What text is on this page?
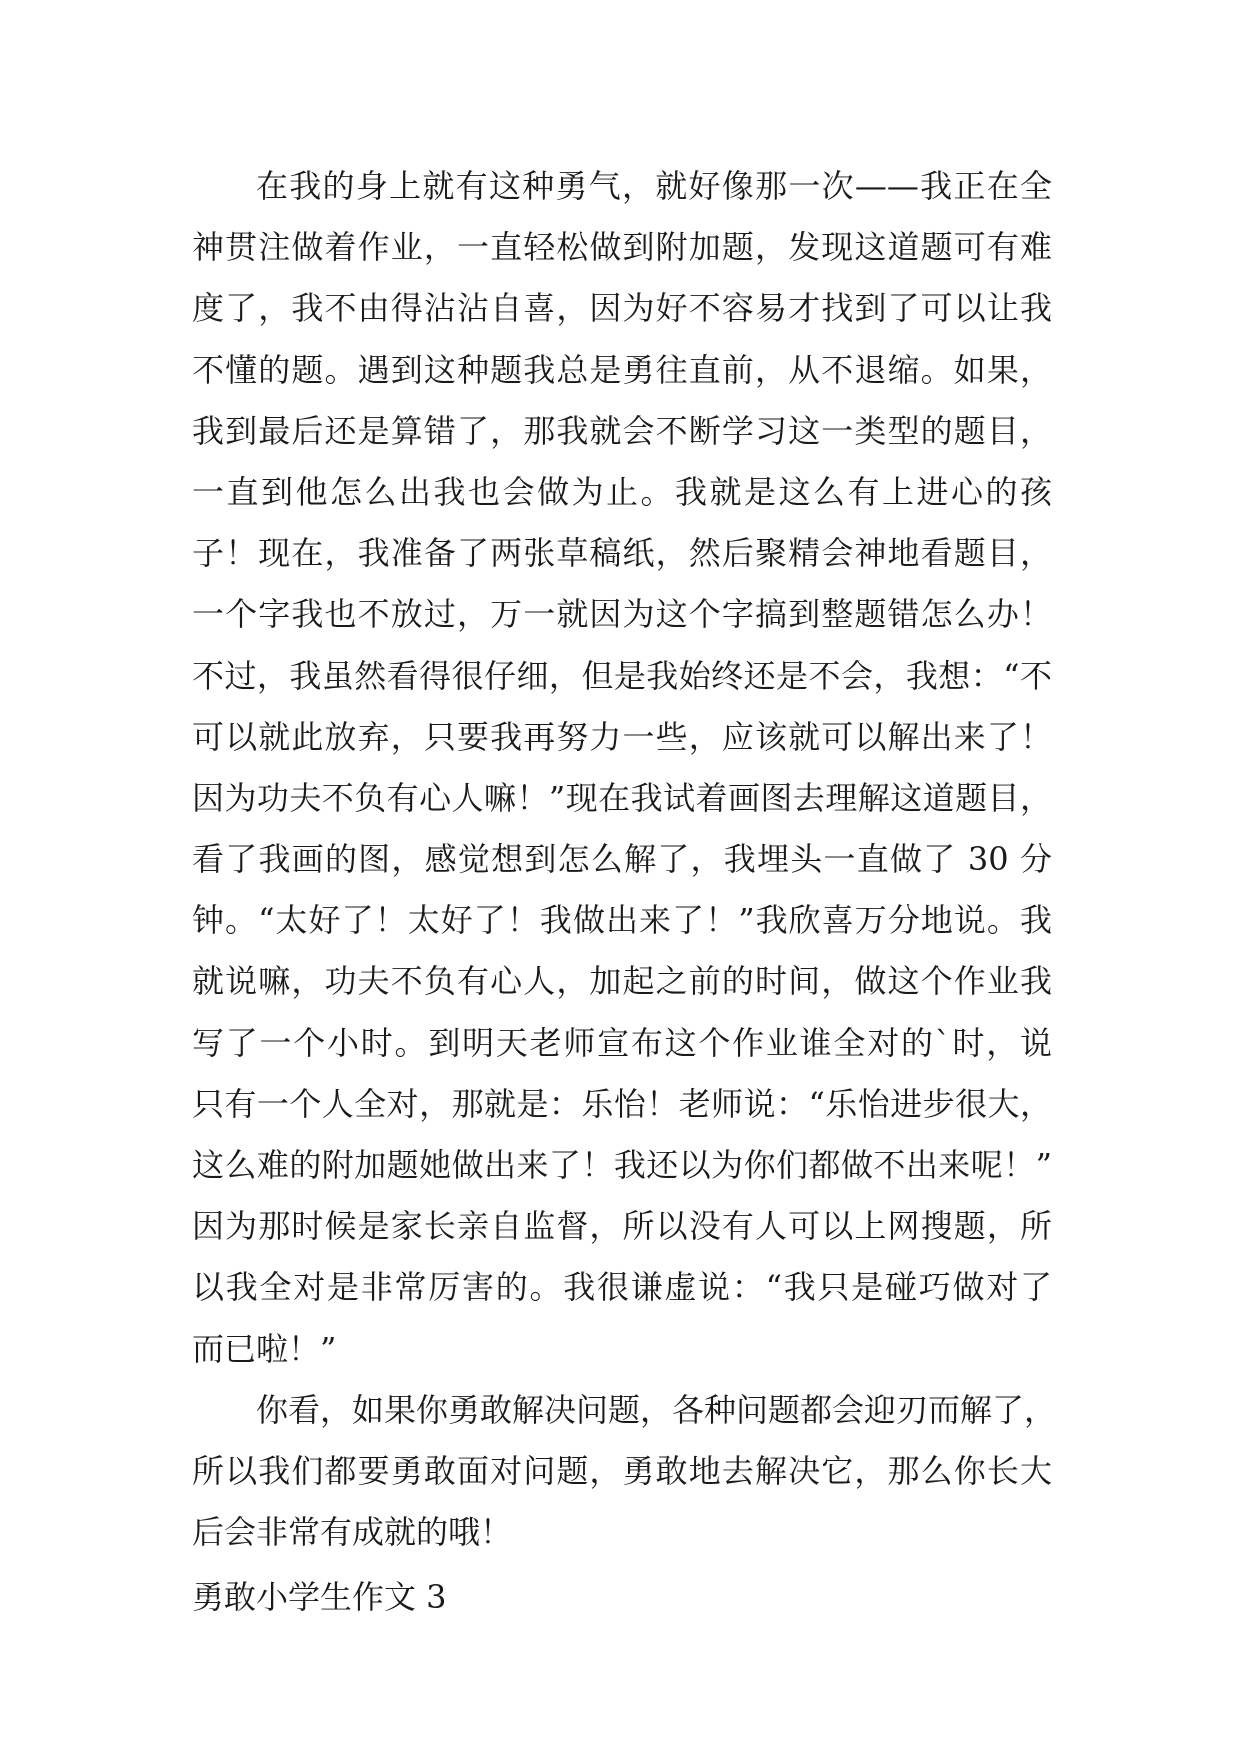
在我的身上就有这种勇气，就好像那一次——我正在全
神贯注做着作业，一直轻松做到附加题，发现这道题可有难
度了，我不由得沾沾自喜，因为好不容易才找到了可以让我
不懂的题。遇到这种题我总是勇往直前，从不退缩。如果，
我到最后还是算错了，那我就会不断学习这一类型的题目，
一直到他怎么出我也会做为止。我就是这么有上进心的孩
子！现在，我准备了两张草稿纸，然后聚精会神地看题目，
一个字我也不放过，万一就因为这个字搞到整题错怎么办！
不过，我虽然看得很仔细，但是我始终还是不会，我想：“不
可以就此放弃，只要我再努力一些，应该就可以解出来了！
因为功夫不负有心人嘛！”现在我试着画图去理解这道题目，
看了我画的图，感觉想到怎么解了，我埋头一直做了 30 分
钟。“太好了！太好了！我做出来了！”我欣喜万分地说。我
就说嘛，功夫不负有心人，加起之前的时间，做这个作业我
写了一个小时。到明天老师宣布这个作业谁全对的`时，说
只有一个人全对，那就是：乐怡！老师说：“乐怡进步很大，
这么难的附加题她做出来了！我还以为你们都做不出来呢！”
因为那时候是家长亲自监督，所以没有人可以上网搜题，所
以我全对是非常厉害的。我很谦虚说：“我只是碰巧做对了
而已啦！”
你看，如果你勇敢解决问题，各种问题都会迎刃而解了，
所以我们都要勇敢面对问题，勇敢地去解决它，那么你长大
后会非常有成就的哦！
勇敢小学生作文 3
